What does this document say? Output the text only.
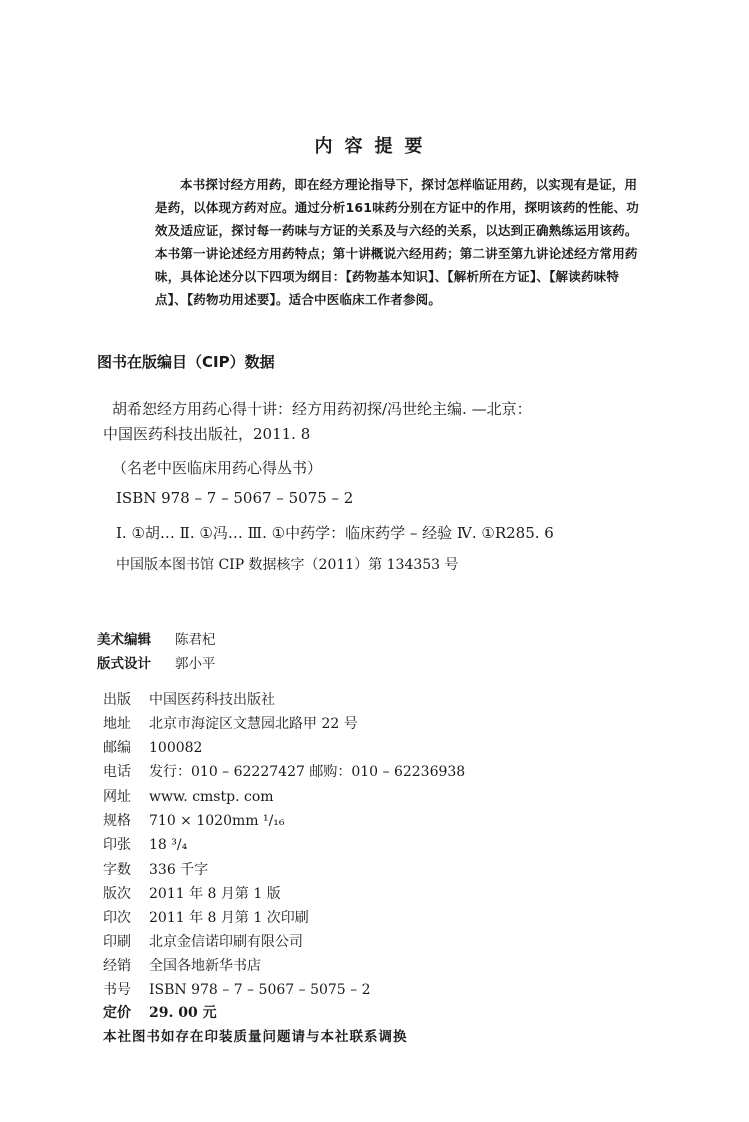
内容提要
本书探讨经方用药，即在经方理论指导下，探讨怎样临证用药，以实现有是证，用
是药，以体现方药对应。通过分析161味药分别在方证中的作用，探明该药的性能、功
效及适应证，探讨每一药味与方证的关系及与六经的关系，以达到正确熟练运用该药。
本书第一讲论述经方用药特点；第十讲概说六经用药；第二讲至第九讲论述经方常用药
味，具体论述分以下四项为纲目：【药物基本知识】、【解析所在方证】、【解读药味特
点】、【药物功用述要】。适合中医临床工作者参阅。
图书在版编目（CIP）数据
胡希恕经方用药心得十讲：经方用药初探/冯世纶主编. —北京：
中国医药科技出版社，2011. 8
（名老中医临床用药心得丛书）
ISBN 978 – 7 – 5067 – 5075 – 2
Ⅰ. ①胡… Ⅱ. ①冯… Ⅲ. ①中药学：临床药学 – 经验 Ⅳ. ①R285. 6
中国版本图书馆 CIP 数据核字（2011）第 134353 号
美术编辑 陈君杞
版式设计 郭小平
出版 中国医药科技出版社
地址 北京市海淀区文慧园北路甲 22 号
邮编 100082
电话 发行：010 – 62227427 邮购：010 – 62236938
网址 www. cmstp. com
规格 710 × 1020mm ¹/₁₆
印张 18 ³/₄
字数 336 千字
版次 2011 年 8 月第 1 版
印次 2011 年 8 月第 1 次印刷
印刷 北京金信诺印刷有限公司
经销 全国各地新华书店
书号 ISBN 978 – 7 – 5067 – 5075 – 2
定价 29. 00 元
本社图书如存在印装质量问题请与本社联系调换
